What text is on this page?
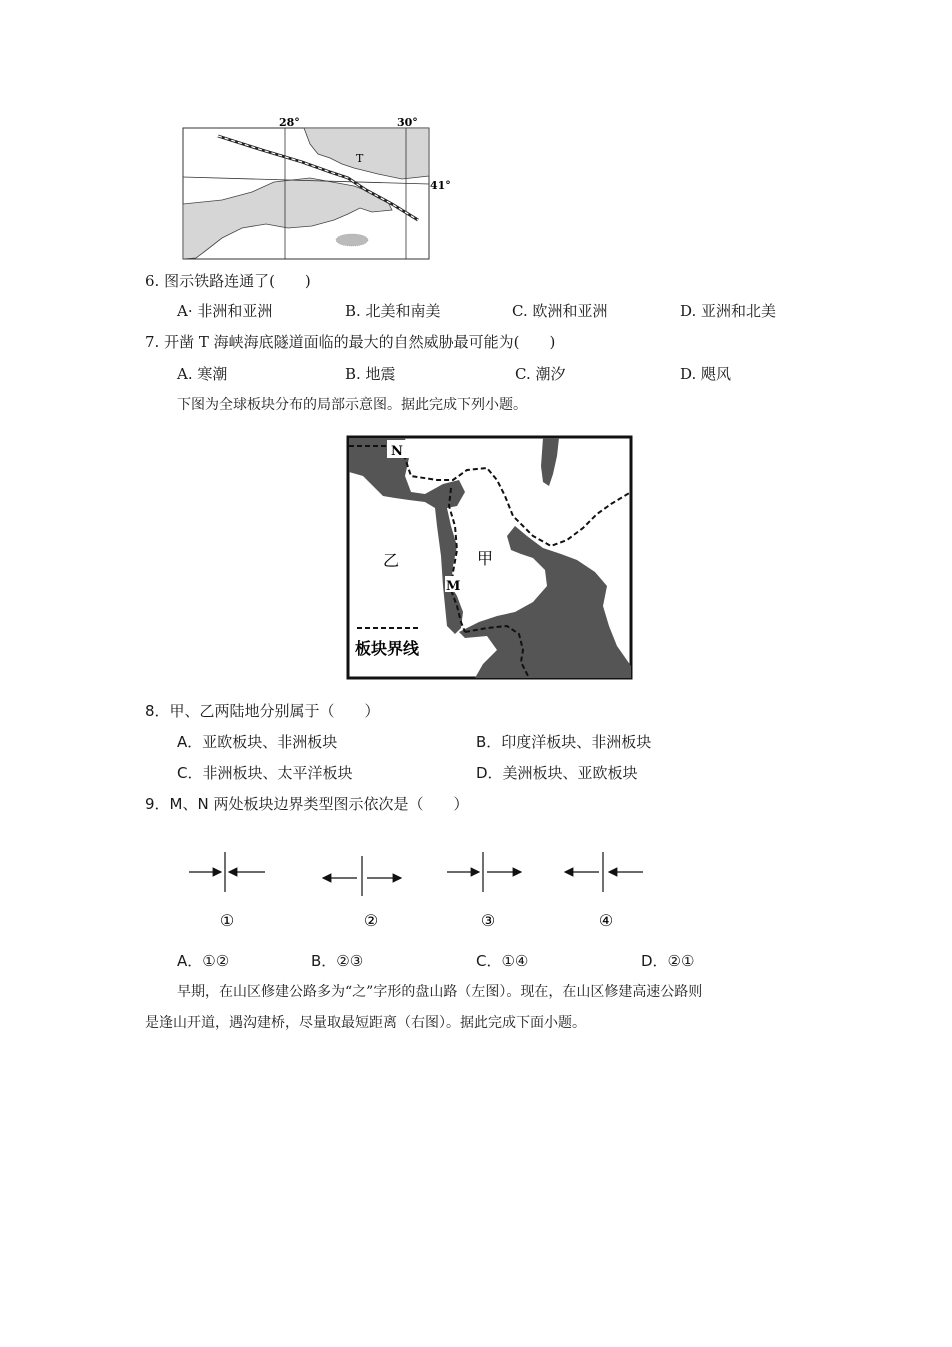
28°	30°
41°
T
6. 图示铁路连通了(　　)
A· 非洲和亚洲	B. 北美和南美	C. 欧洲和亚洲	D. 亚洲和北美
7. 开凿 T 海峡海底隧道面临的最大的自然威胁最可能为(　　)
A. 寒潮	B. 地震	C. 潮汐	D. 飓风
下图为全球板块分布的局部示意图。据此完成下列小题。
N
M
乙	甲
板块界线
8．甲、乙两陆地分别属于（　　）
A．亚欧板块、非洲板块	B．印度洋板块、非洲板块
C．非洲板块、太平洋板块	D．美洲板块、亚欧板块
9．M、N 两处板块边界类型图示依次是（　　）
①	②	③	④
A．①②	B．②③	C．①④	D．②①
早期，在山区修建公路多为“之”字形的盘山路（左图）。现在，在山区修建高速公路则
是逢山开道，遇沟建桥，尽量取最短距离（右图）。据此完成下面小题。
